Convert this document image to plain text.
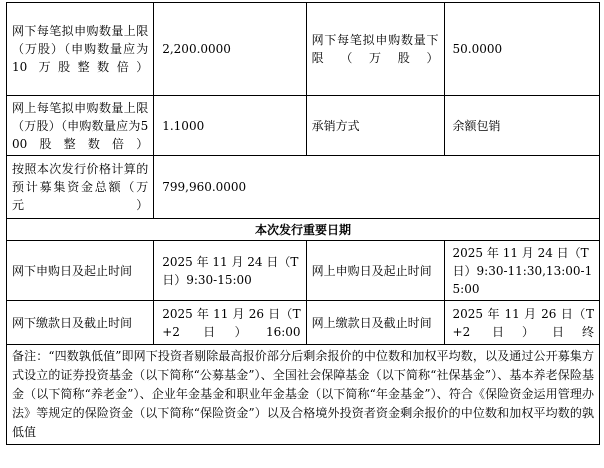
网下每笔拟申购数量上限（万股）（申购数量应为 10 万股整数倍）	2,200.0000	网下每笔拟申购数量下限（万股）	50.0000
网上每笔拟申购数量上限（万股）（申购数量应为500股整数倍）	1.1000	承销方式	余额包销
按照本次发行价格计算的预计募集资金总额（万元）	799,960.0000		
本次发行重要日期			
网下申购日及起止时间	2025 年 11 月 24 日（T 日）9:30-15:00	网上申购日及起止时间	2025 年 11 月 24 日（T 日）9:30-11:30,13:00-15:00
网下缴款日及截止时间	2025 年 11 月 26 日（T+2 日）16:00	网上缴款日及截止时间	2025 年 11 月 26 日（T+2 日）日终
备注：“四数孰低值”即网下投资者剔除最高报价部分后剩余报价的中位数和加权平均数，以及通过公开募集方式设立的证券投资基金（以下简称“公募基金”）、全国社会保障基金（以下简称“社保基金”）、基本养老保险基金（以下简称“养老金”）、企业年金基金和职业年金基金（以下简称“年金基金”）、符合《保险资金运用管理办法》等规定的保险资金（以下简称“保险资金”）以及合格境外投资者资金剩余报价的中位数和加权平均数的孰低值			
